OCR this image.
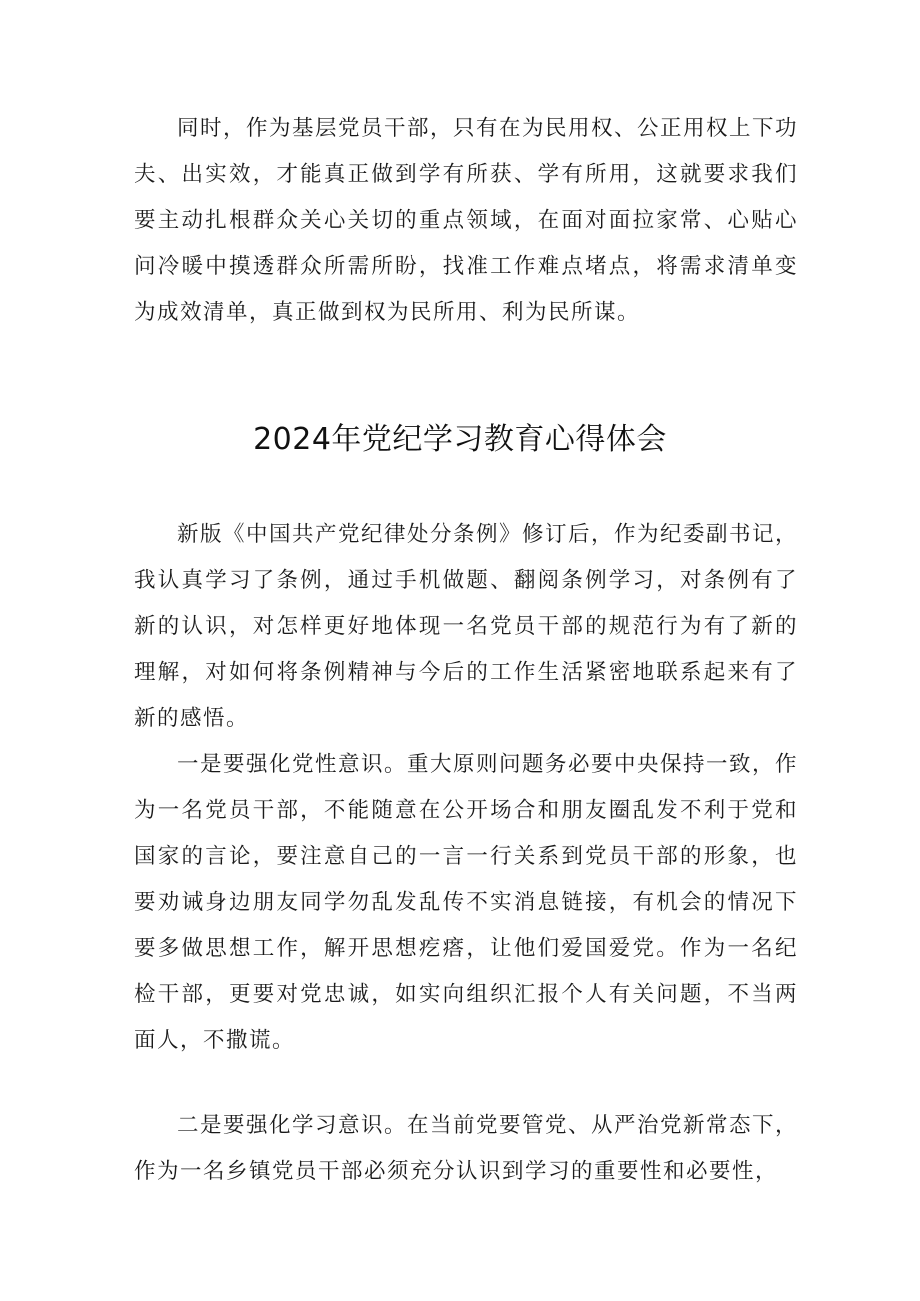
同时，作为基层党员干部，只有在为民用权、公正用权上下功夫、出实效，才能真正做到学有所获、学有所用，这就要求我们要主动扎根群众关心关切的重点领域，在面对面拉家常、心贴心问冷暖中摸透群众所需所盼，找准工作难点堵点，将需求清单变为成效清单，真正做到权为民所用、利为民所谋。

2024年党纪学习教育心得体会

新版《中国共产党纪律处分条例》修订后，作为纪委副书记，我认真学习了条例，通过手机做题、翻阅条例学习，对条例有了新的认识，对怎样更好地体现一名党员干部的规范行为有了新的理解，对如何将条例精神与今后的工作生活紧密地联系起来有了新的感悟。

一是要强化党性意识。重大原则问题务必要中央保持一致，作为一名党员干部，不能随意在公开场合和朋友圈乱发不利于党和国家的言论，要注意自己的一言一行关系到党员干部的形象，也要劝诫身边朋友同学勿乱发乱传不实消息链接，有机会的情况下要多做思想工作，解开思想疙瘩，让他们爱国爱党。作为一名纪检干部，更要对党忠诚，如实向组织汇报个人有关问题，不当两面人，不撒谎。

二是要强化学习意识。在当前党要管党、从严治党新常态下，作为一名乡镇党员干部必须充分认识到学习的重要性和必要性，
